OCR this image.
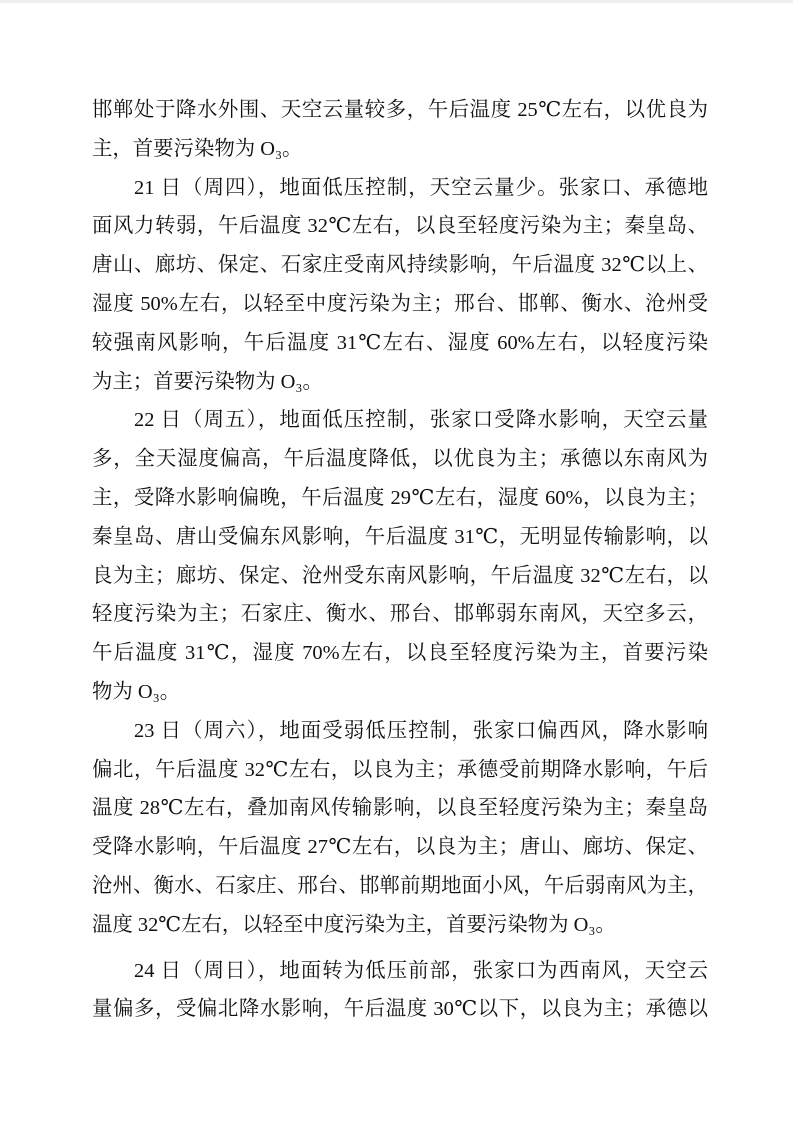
邯郸处于降水外围、天空云量较多，午后温度 25℃左右，以优良为
主，首要污染物为 O₃。
21 日（周四），地面低压控制，天空云量少。张家口、承德地
面风力转弱，午后温度 32℃左右，以良至轻度污染为主；秦皇岛、
唐山、廊坊、保定、石家庄受南风持续影响，午后温度 32℃以上、
湿度 50%左右，以轻至中度污染为主；邢台、邯郸、衡水、沧州受
较强南风影响，午后温度 31℃左右、湿度 60%左右，以轻度污染
为主；首要污染物为 O₃。
22 日（周五），地面低压控制，张家口受降水影响，天空云量
多，全天湿度偏高，午后温度降低，以优良为主；承德以东南风为
主，受降水影响偏晚，午后温度 29℃左右，湿度 60%，以良为主；
秦皇岛、唐山受偏东风影响，午后温度 31℃，无明显传输影响，以
良为主；廊坊、保定、沧州受东南风影响，午后温度 32℃左右，以
轻度污染为主；石家庄、衡水、邢台、邯郸弱东南风，天空多云，
午后温度 31℃，湿度 70%左右，以良至轻度污染为主，首要污染
物为 O₃。
23 日（周六），地面受弱低压控制，张家口偏西风，降水影响
偏北，午后温度 32℃左右，以良为主；承德受前期降水影响，午后
温度 28℃左右，叠加南风传输影响，以良至轻度污染为主；秦皇岛
受降水影响，午后温度 27℃左右，以良为主；唐山、廊坊、保定、
沧州、衡水、石家庄、邢台、邯郸前期地面小风，午后弱南风为主，
温度 32℃左右，以轻至中度污染为主，首要污染物为 O₃。
24 日（周日），地面转为低压前部，张家口为西南风，天空云
量偏多，受偏北降水影响，午后温度 30℃以下，以良为主；承德以
